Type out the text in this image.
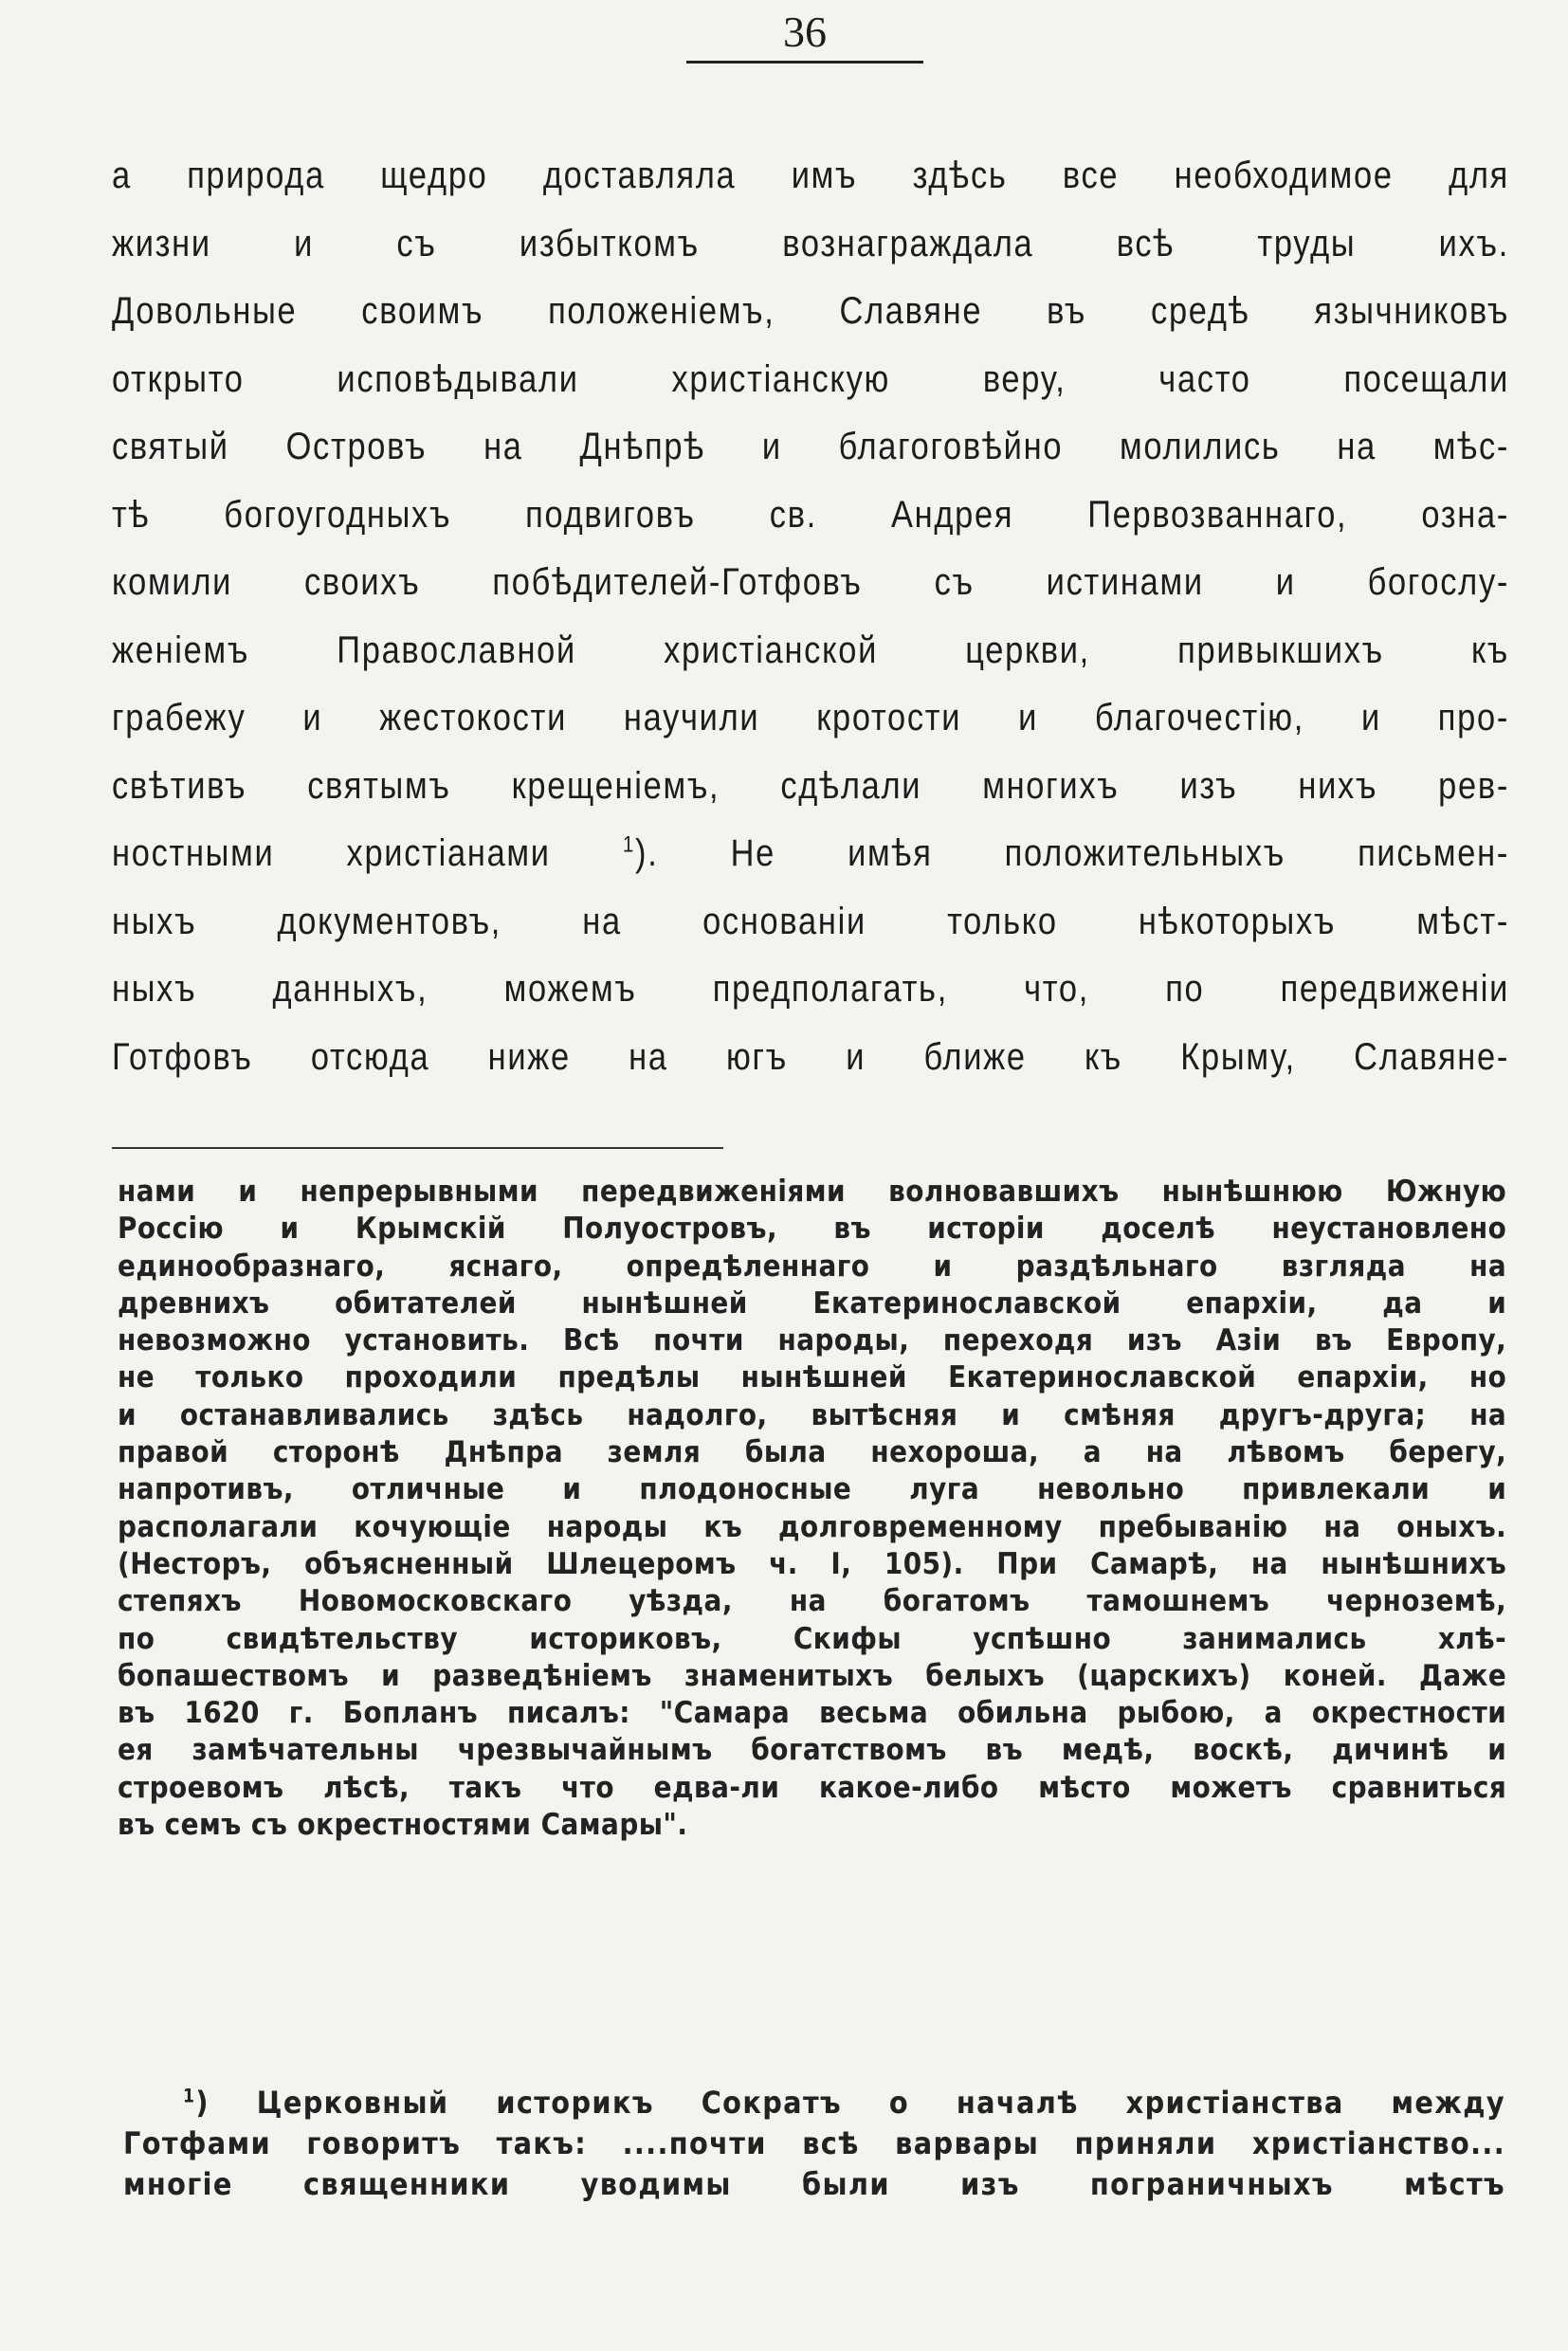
36
а природа щедро доставляла имъ здѣсь все необходимое для
жизни и съ избыткомъ вознаграждала всѣ труды ихъ.
Довольные своимъ положеніемъ, Славяне въ средѣ язычниковъ
открыто исповѣдывали христіанскую веру, часто посещали
святый Островъ на Днѣпрѣ и благоговѣйно молились на мѣс-
тѣ богоугодныхъ подвиговъ св. Андрея Первозваннаго, озна-
комили своихъ побѣдителей-Готфовъ съ истинами и богослу-
женіемъ Православной христіанской церкви, привыкшихъ къ
грабежу и жестокости научили кротости и благочестію, и про-
свѣтивъ святымъ крещеніемъ, сдѣлали многихъ изъ нихъ рев-
ностными христіанами	$^1$). Не имѣя положительныхъ письмен-
ныхъ документовъ, на основаніи только нѣкоторыхъ мѣст-
ныхъ данныхъ, можемъ предполагать, что, по передвиженіи
Готфовъ отсюда ниже на югъ и ближе къ Крыму, Славяне-
нами и непрерывными передвиженіями волновавшихъ нынѣшнюю Южную
Россію и Крымскій Полуостровъ, въ исторіи доселѣ неустановлено
единообразнаго, яснаго, опредѣленнаго и раздѣльнаго взгляда на
древнихъ обитателей нынѣшней Екатеринославской епархіи, да и
невозможно установить. Всѣ почти народы, переходя изъ Азіи въ Европу,
не только проходили предѣлы нынѣшней Екатеринославской епархіи, но
и останавливались здѣсь надолго, вытѣсняя и смѣняя другъ-друга; на
правой сторонѣ Днѣпра земля была нехороша, а на лѣвомъ берегу,
напротивъ, отличные и плодоносные луга невольно привлекали и
располагали кочующіе народы къ долговременному пребыванію на оныхъ.
(Несторъ, объясненный Шлецеромъ ч. I, 105). При Самарѣ, на нынѣшнихъ
степяхъ Новомосковскаго уѣзда, на богатомъ тамошнемъ черноземѣ,
по свидѣтельству историковъ, Скифы успѣшно занимались хлѣ-
бопашествомъ и разведѣніемъ знаменитыхъ белыхъ (царскихъ) коней. Даже
въ 1620 г. Бопланъ писалъ: "Самара весьма обильна рыбою, а окрестности
ея замѣчательны чрезвычайнымъ богатствомъ въ медѣ, воскѣ, дичинѣ и
строевомъ лѣсѣ, такъ что едва-ли какое-либо мѣсто можетъ сравниться
въ семъ съ окрестностями Самары".
$^1$) Церковный историкъ Сократъ о началѣ христіанства между
Готфами говоритъ такъ: ....почти всѣ варвары приняли христіанство...
многіе священники уводимы были изъ пограничныхъ мѣстъ
